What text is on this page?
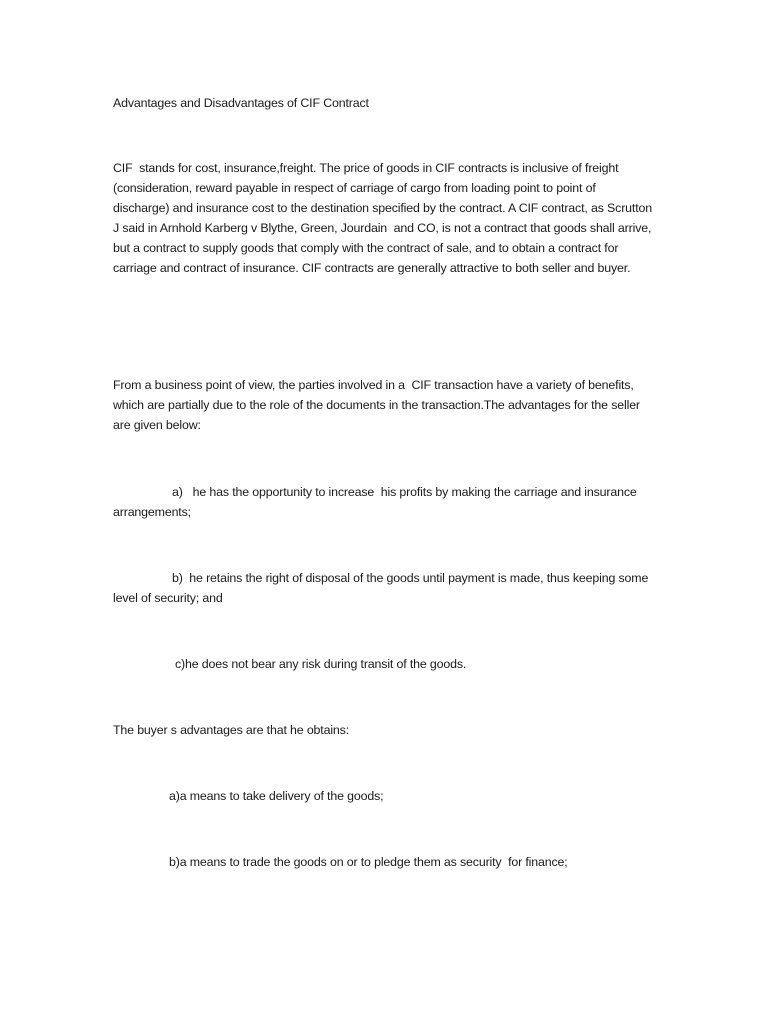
Advantages and Disadvantages of CIF Contract

CIF  stands for cost, insurance,freight. The price of goods in CIF contracts is inclusive of freight (consideration, reward payable in respect of carriage of cargo from loading point to point of discharge) and insurance cost to the destination specified by the contract. A CIF contract, as Scrutton J said in Arnhold Karberg v Blythe, Green, Jourdain  and CO, is not a contract that goods shall arrive, but a contract to supply goods that comply with the contract of sale, and to obtain a contract for carriage and contract of insurance. CIF contracts are generally attractive to both seller and buyer.

From a business point of view, the parties involved in a  CIF transaction have a variety of benefits, which are partially due to the role of the documents in the transaction.The advantages for the seller are given below:

a)   he has the opportunity to increase  his profits by making the carriage and insurance arrangements;

b)  he retains the right of disposal of the goods until payment is made, thus keeping some level of security; and

c)he does not bear any risk during transit of the goods.

The buyer s advantages are that he obtains:

a)a means to take delivery of the goods;

b)a means to trade the goods on or to pledge them as security  for finance;
